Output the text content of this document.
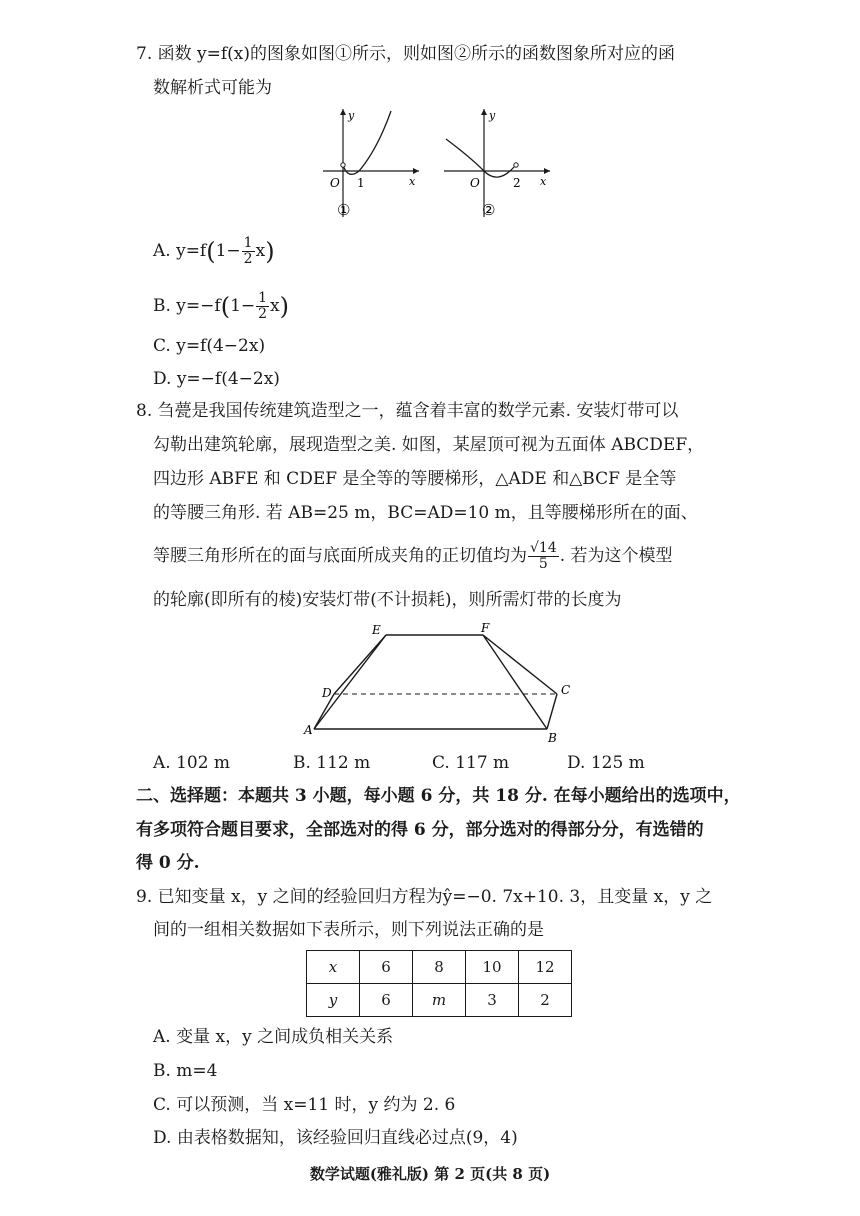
7. 函数 y=f(x)的图象如图①所示，则如图②所示的函数图象所对应的函
数解析式可能为
y
x
O 1
①
y
x
O	2
②
A. $y=f(1- \frac{1}{2} x)$
B. $y=-f(1- \frac{1}{2} x)$
C. y=f(4−2x)
D. y=−f(4−2x)
8. 刍甍是我国传统建筑造型之一，蕴含着丰富的数学元素. 安装灯带可以
勾勒出建筑轮廓，展现造型之美. 如图，某屋顶可视为五面体 ABCDEF，
四边形 ABFE 和 CDEF 是全等的等腰梯形，△ADE 和△BCF 是全等
的等腰三角形. 若 AB=25 m，BC=AD=10 m，且等腰梯形所在的面、
等腰三角形所在的面与底面所成夹角的正切值均为 $\frac{√14}{5}$ . 若为这个模型
的轮廓(即所有的棱)安装灯带(不计损耗)，则所需灯带的长度为
E	F
D	C
A
B
A. 102 m	B. 112 m	C. 117 m	D. 125 m
二、选择题：本题共 3 小题，每小题 6 分，共 18 分. 在每小题给出的选项中，
有多项符合题目要求，全部选对的得 6 分，部分选对的得部分分，有选错的
得 0 分.
9. 已知变量 x，y 之间的经验回归方程为ŷ=−0. 7x+10. 3，且变量 x，y 之
间的一组相关数据如下表所示，则下列说法正确的是
x	6	8	10	12
y	6	m	3	2
A. 变量 x，y 之间成负相关关系
B. m=4
C. 可以预测，当 x=11 时，y 约为 2. 6
D. 由表格数据知，该经验回归直线必过点(9，4)
数学试题(雅礼版) 第 2 页(共 8 页)
